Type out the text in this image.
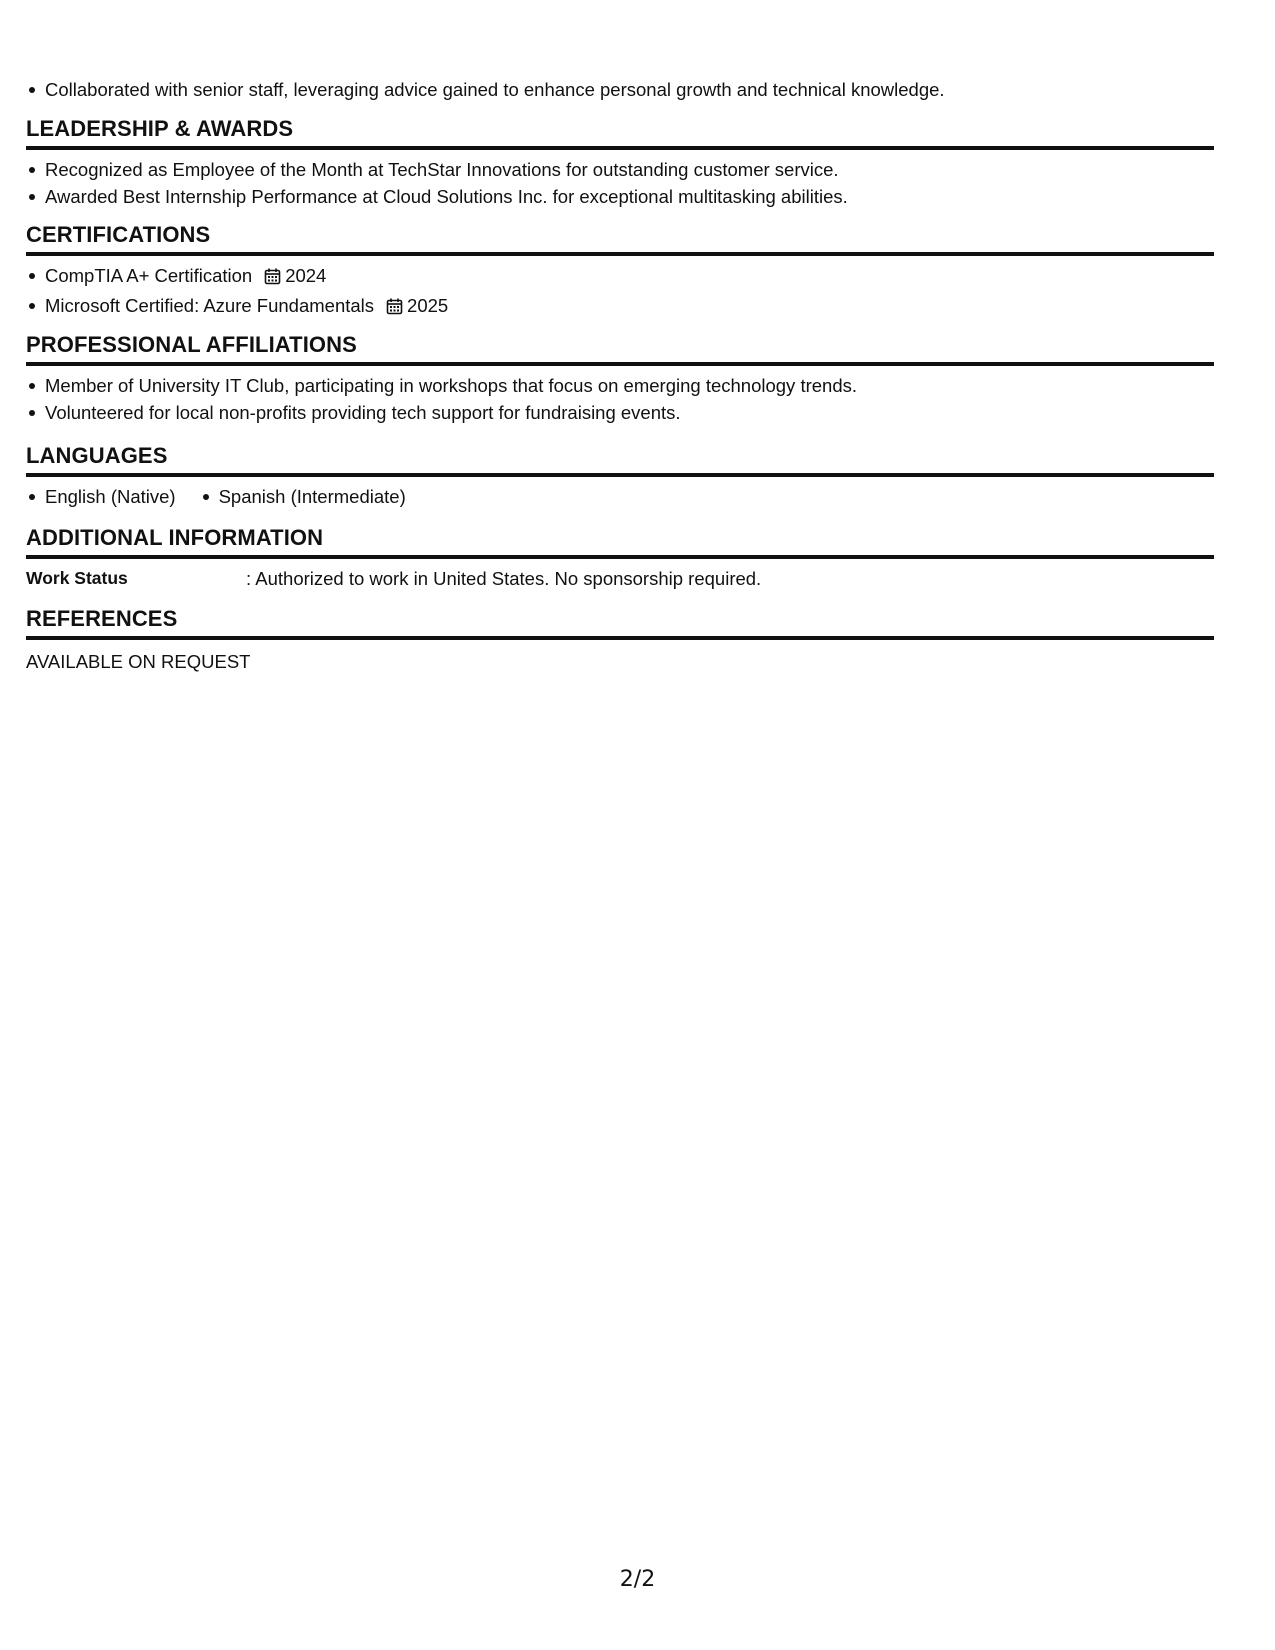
Collaborated with senior staff, leveraging advice gained to enhance personal growth and technical knowledge.
LEADERSHIP & AWARDS
Recognized as Employee of the Month at TechStar Innovations for outstanding customer service.
Awarded Best Internship Performance at Cloud Solutions Inc. for exceptional multitasking abilities.
CERTIFICATIONS
CompTIA A+ Certification 2024
Microsoft Certified: Azure Fundamentals 2025
PROFESSIONAL AFFILIATIONS
Member of University IT Club, participating in workshops that focus on emerging technology trends.
Volunteered for local non-profits providing tech support for fundraising events.
LANGUAGES
English (Native)	Spanish (Intermediate)
ADDITIONAL INFORMATION
Work Status	: Authorized to work in United States. No sponsorship required.
REFERENCES
AVAILABLE ON REQUEST
2/2
